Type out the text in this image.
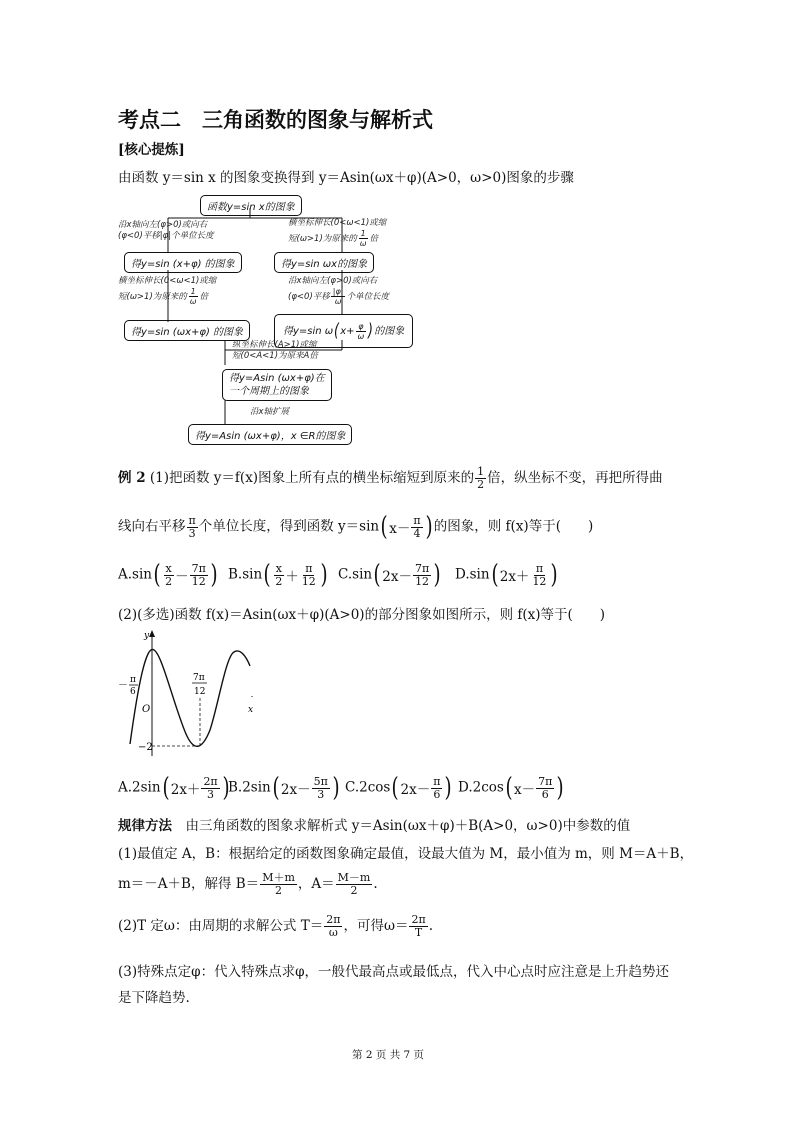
考点二　三角函数的图象与解析式
[核心提炼]
由函数 y＝sin x 的图象变换得到 y＝Asin(ωx＋φ)(A>0，ω>0)图象的步骤
函数y=sin x的图象
沿x轴向左(φ>0)或向右
(φ<0)平移|φ|个单位长度
得y=sin (x+φ) 的图象
横坐标伸长(0<ω<1)或缩
短(ω>1)为原来的 $\frac{1}{\omega}$ 倍
得y=sin (ωx+φ) 的图象
横坐标伸长(0<ω<1)或缩
短(ω>1)为原来的 $\frac{1}{\omega}$ 倍
得y=sin ωx的图象
沿x轴向左(φ>0)或向右
(φ<0)平移 $\frac{|\varphi|}{\omega}$ 个单位长度
得y=sin ω ( $x+ \frac{\varphi}{\omega}$ ) 的图象
纵坐标伸长(A>1)或缩
短(0<A<1)为原来A倍
得y=Asin (ωx+φ)在
一个周期上的图象
沿x轴扩展
得y=Asin (ωx+φ)，x ∈R的图象
例 2 (1)把函数 y＝f(x)图象上所有点的横坐标缩短到原来的 $\frac{1}{2}$ 倍，纵坐标不变，再把所得曲
线向右平移 $\frac{\pi}{3}$ 个单位长度，得到函数 y＝sin ( $x- \frac{\pi}{4}$ ) 的图象，则 f(x)等于(　　)
A.sin ( $\frac{x}{2} - \frac{7\pi}{12}$ ) B.sin ( $\frac{x}{2} + \frac{\pi}{12}$ ) C.sin ( $2x- \frac{7\pi}{12}$ ) D.sin ( $2x+ \frac{\pi}{12}$ )
(2)(多选)函数 f(x)＝Asin(ωx＋φ)(A>0)的部分图象如图所示，则 f(x)等于(　　)
y
x
O
－ π
6
7π
12
−2
A.2sin ( $2x+ \frac{2\pi}{3}$ )
B.2sin ( $2x- \frac{5\pi}{3}$ ) C.2cos ( $2x- \frac{\pi}{6}$ ) D.2cos ( $x- \frac{7\pi}{6}$ )
规律方法　 由三角函数的图象求解析式 y＝Asin(ωx＋φ)＋B(A>0，ω>0)中参数的值
(1)最值定 A，B：根据给定的函数图象确定最值，设最大值为 M，最小值为 m，则 M＝A＋B，
m＝－A＋B，解得 $B= \frac{M+m}{2}$ ，$A= \frac{M-m}{2}$ .
(2)T 定ω：由周期的求解公式 $T= \frac{2\pi}{\omega}$ ，可得$\omega= \frac{2\pi}{T}$ .
(3)特殊点定φ：代入特殊点求φ，一般代最高点或最低点，代入中心点时应注意是上升趋势还
是下降趋势.
第 2 页 共 7 页
